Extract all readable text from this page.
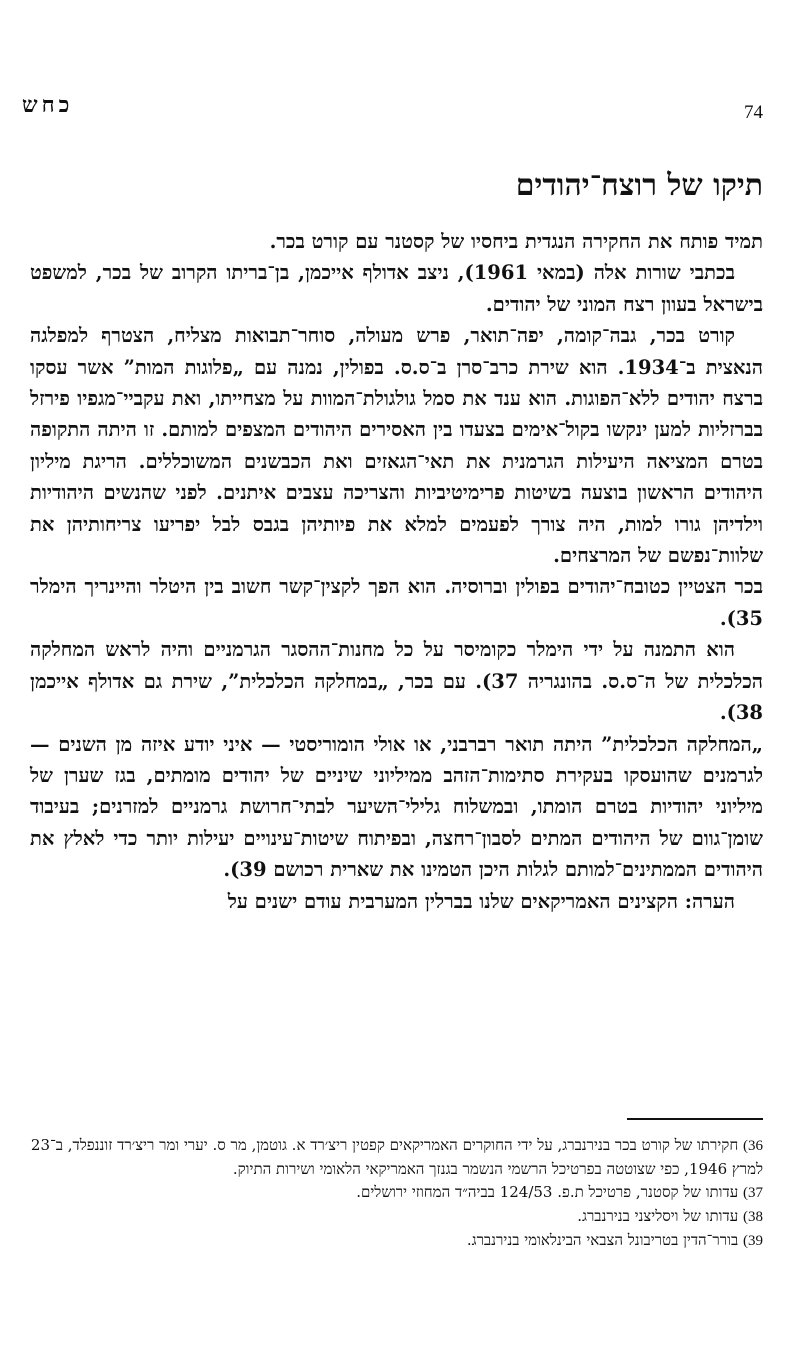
כחש	74
תיקו של רוצח־יהודים

תמיד פותח את החקירה הנגדית ביחסיו של קסטנר עם קורט בכר.

בכתבי שורות אלה (במאי 1961), ניצב אדולף אייכמן, בן־בריתו הקרוב של בכר, למשפט בישראל בעוון רצח המוני של יהודים.

קורט בכר, גבה־קומה, יפה־תואר, פרש מעולה, סוחר־תבואות מצליח, הצטרף למפלגה הנאצית ב־1934. הוא שירת כרב־סרן ב־ס.ס. בפולין, נמנה עם „פלוגות המות” אשר עסקו ברצח יהודים ללא־הפוגות. הוא ענד את סמל גולגולת־המוות על מצחייתו, ואת עקביי־מגפיו פירזל בברזליות למען ינקשו בקול־אימים בצעדו בין האסירים היהודים המצפים למותם. זו היתה התקופה בטרם המציאה היעילות הגרמנית את תאי־הגאזים ואת הכבשנים המשוכללים. הריגת מיליון היהודים הראשון בוצעה בשיטות פרימיטיביות והצריכה עצבים איתנים. לפני שהנשים היהודיות וילדיהן גורו למות, היה צורך לפעמים למלא את פיותיהן בגבס לבל יפריעו צריחותיהן את שלוות־נפשם של המרצחים.

בכר הצטיין כטובח־יהודים בפולין וברוסיה. הוא הפך לקצין־קשר חשוב בין היטלר והיינריך הימלר 35).

הוא התמנה על ידי הימלר כקומיסר על כל מחנות־ההסגר הגרמניים והיה לראש המחלקה הכלכלית של ה־ס.ס. בהונגריה 37). עם בכר, „במחלקה הכלכלית”, שירת גם אדולף אייכמן 38).

„המחלקה הכלכלית” היתה תואר רברבני, או אולי הומוריסטי — איני יודע איזה מן השנים — לגרמנים שהועסקו בעקירת סתימות־הזהב ממיליוני שיניים של יהודים מומתים, בגז שערן של מיליוני יהודיות בטרם הומתו, ובמשלוח גלילי־השיער לבתי־חרושת גרמניים למזרנים; בעיבוד שומן־גוום של היהודים המתים לסבון־רחצה, ובפיתוח שיטות־עינויים יעילות יותר כדי לאלץ את היהודים הממתינים־למותם לגלות היכן הטמינו את שארית רכושם 39).

הערה: הקצינים האמריקאים שלנו בברלין המערבית עודם ישנים על

36) חקירתו של קורט בכר בנירנברג, על ידי החוקרים האמריקאים קפטין ריצ׳רד א. גוטמן, מר ס. יערי ומר ריצ׳רד זוננפלד, ב־23 למרץ 1946, כפי שצוטטה בפרטיכל הרשמי הנשמר בגנזך האמריקאי הלאומי ושירות התיוק.

37) עדותו של קסטנר, פרטיכל ת.פ. 124/53 בביה״ד המחוזי ירושלים.

38) עדותו של ויסליצני בנירנברג.

39) בורר־הדין בטריבונל הצבאי הבינלאומי בנירנברג.
